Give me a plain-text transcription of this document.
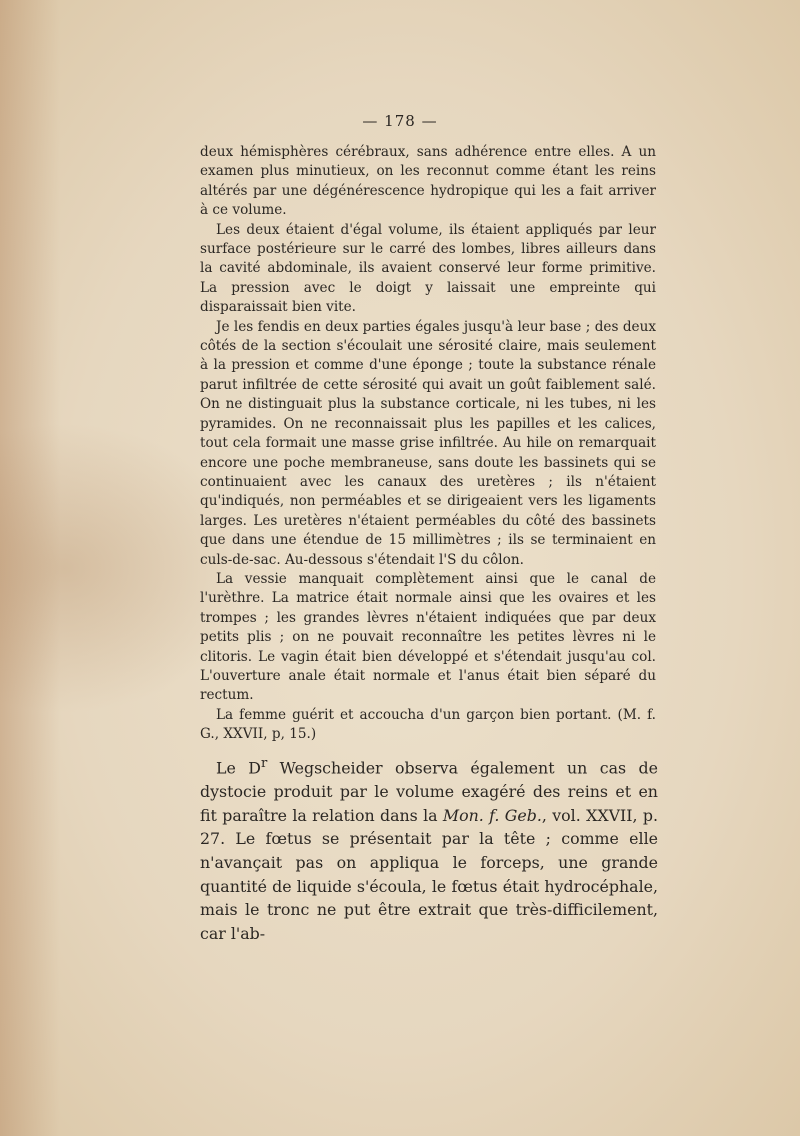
— 178 —

deux hémisphères cérébraux, sans adhérence entre elles. A un examen plus minutieux, on les reconnut comme étant les reins altérés par une dégénérescence hydropique qui les a fait arriver à ce volume.

Les deux étaient d'égal volume, ils étaient appliqués par leur surface postérieure sur le carré des lombes, libres ailleurs dans la cavité abdominale, ils avaient conservé leur forme primitive. La pression avec le doigt y laissait une empreinte qui disparaissait bien vite.

Je les fendis en deux parties égales jusqu'à leur base ; des deux côtés de la section s'écoulait une sérosité claire, mais seulement à la pression et comme d'une éponge ; toute la substance rénale parut infiltrée de cette sérosité qui avait un goût faiblement salé. On ne distinguait plus la substance corticale, ni les tubes, ni les pyramides. On ne reconnaissait plus les papilles et les calices, tout cela formait une masse grise infiltrée. Au hile on remarquait encore une poche membraneuse, sans doute les bassinets qui se continuaient avec les canaux des uretères ; ils n'étaient qu'indiqués, non perméables et se dirigeaient vers les ligaments larges. Les uretères n'étaient perméables du côté des bassinets que dans une étendue de 15 millimètres ; ils se terminaient en culs-de-sac. Au-dessous s'étendait l'S du côlon.

La vessie manquait complètement ainsi que le canal de l'urèthre. La matrice était normale ainsi que les ovaires et les trompes ; les grandes lèvres n'étaient indiquées que par deux petits plis ; on ne pouvait reconnaître les petites lèvres ni le clitoris. Le vagin était bien développé et s'étendait jusqu'au col. L'ouverture anale était normale et l'anus était bien séparé du rectum.

La femme guérit et accoucha d'un garçon bien portant. (M. f. G., XXVII, p, 15.)

Le $D^r$ Wegscheider observa également un cas de dystocie produit par le volume exagéré des reins et en fit paraître la relation dans la Mon. f. Geb., vol. XXVII, p. 27. Le fœtus se présentait par la tête ; comme elle n'avançait pas on appliqua le forceps, une grande quantité de liquide s'écoula, le fœtus était hydrocéphale, mais le tronc ne put être extrait que très-difficilement, car l'ab-
